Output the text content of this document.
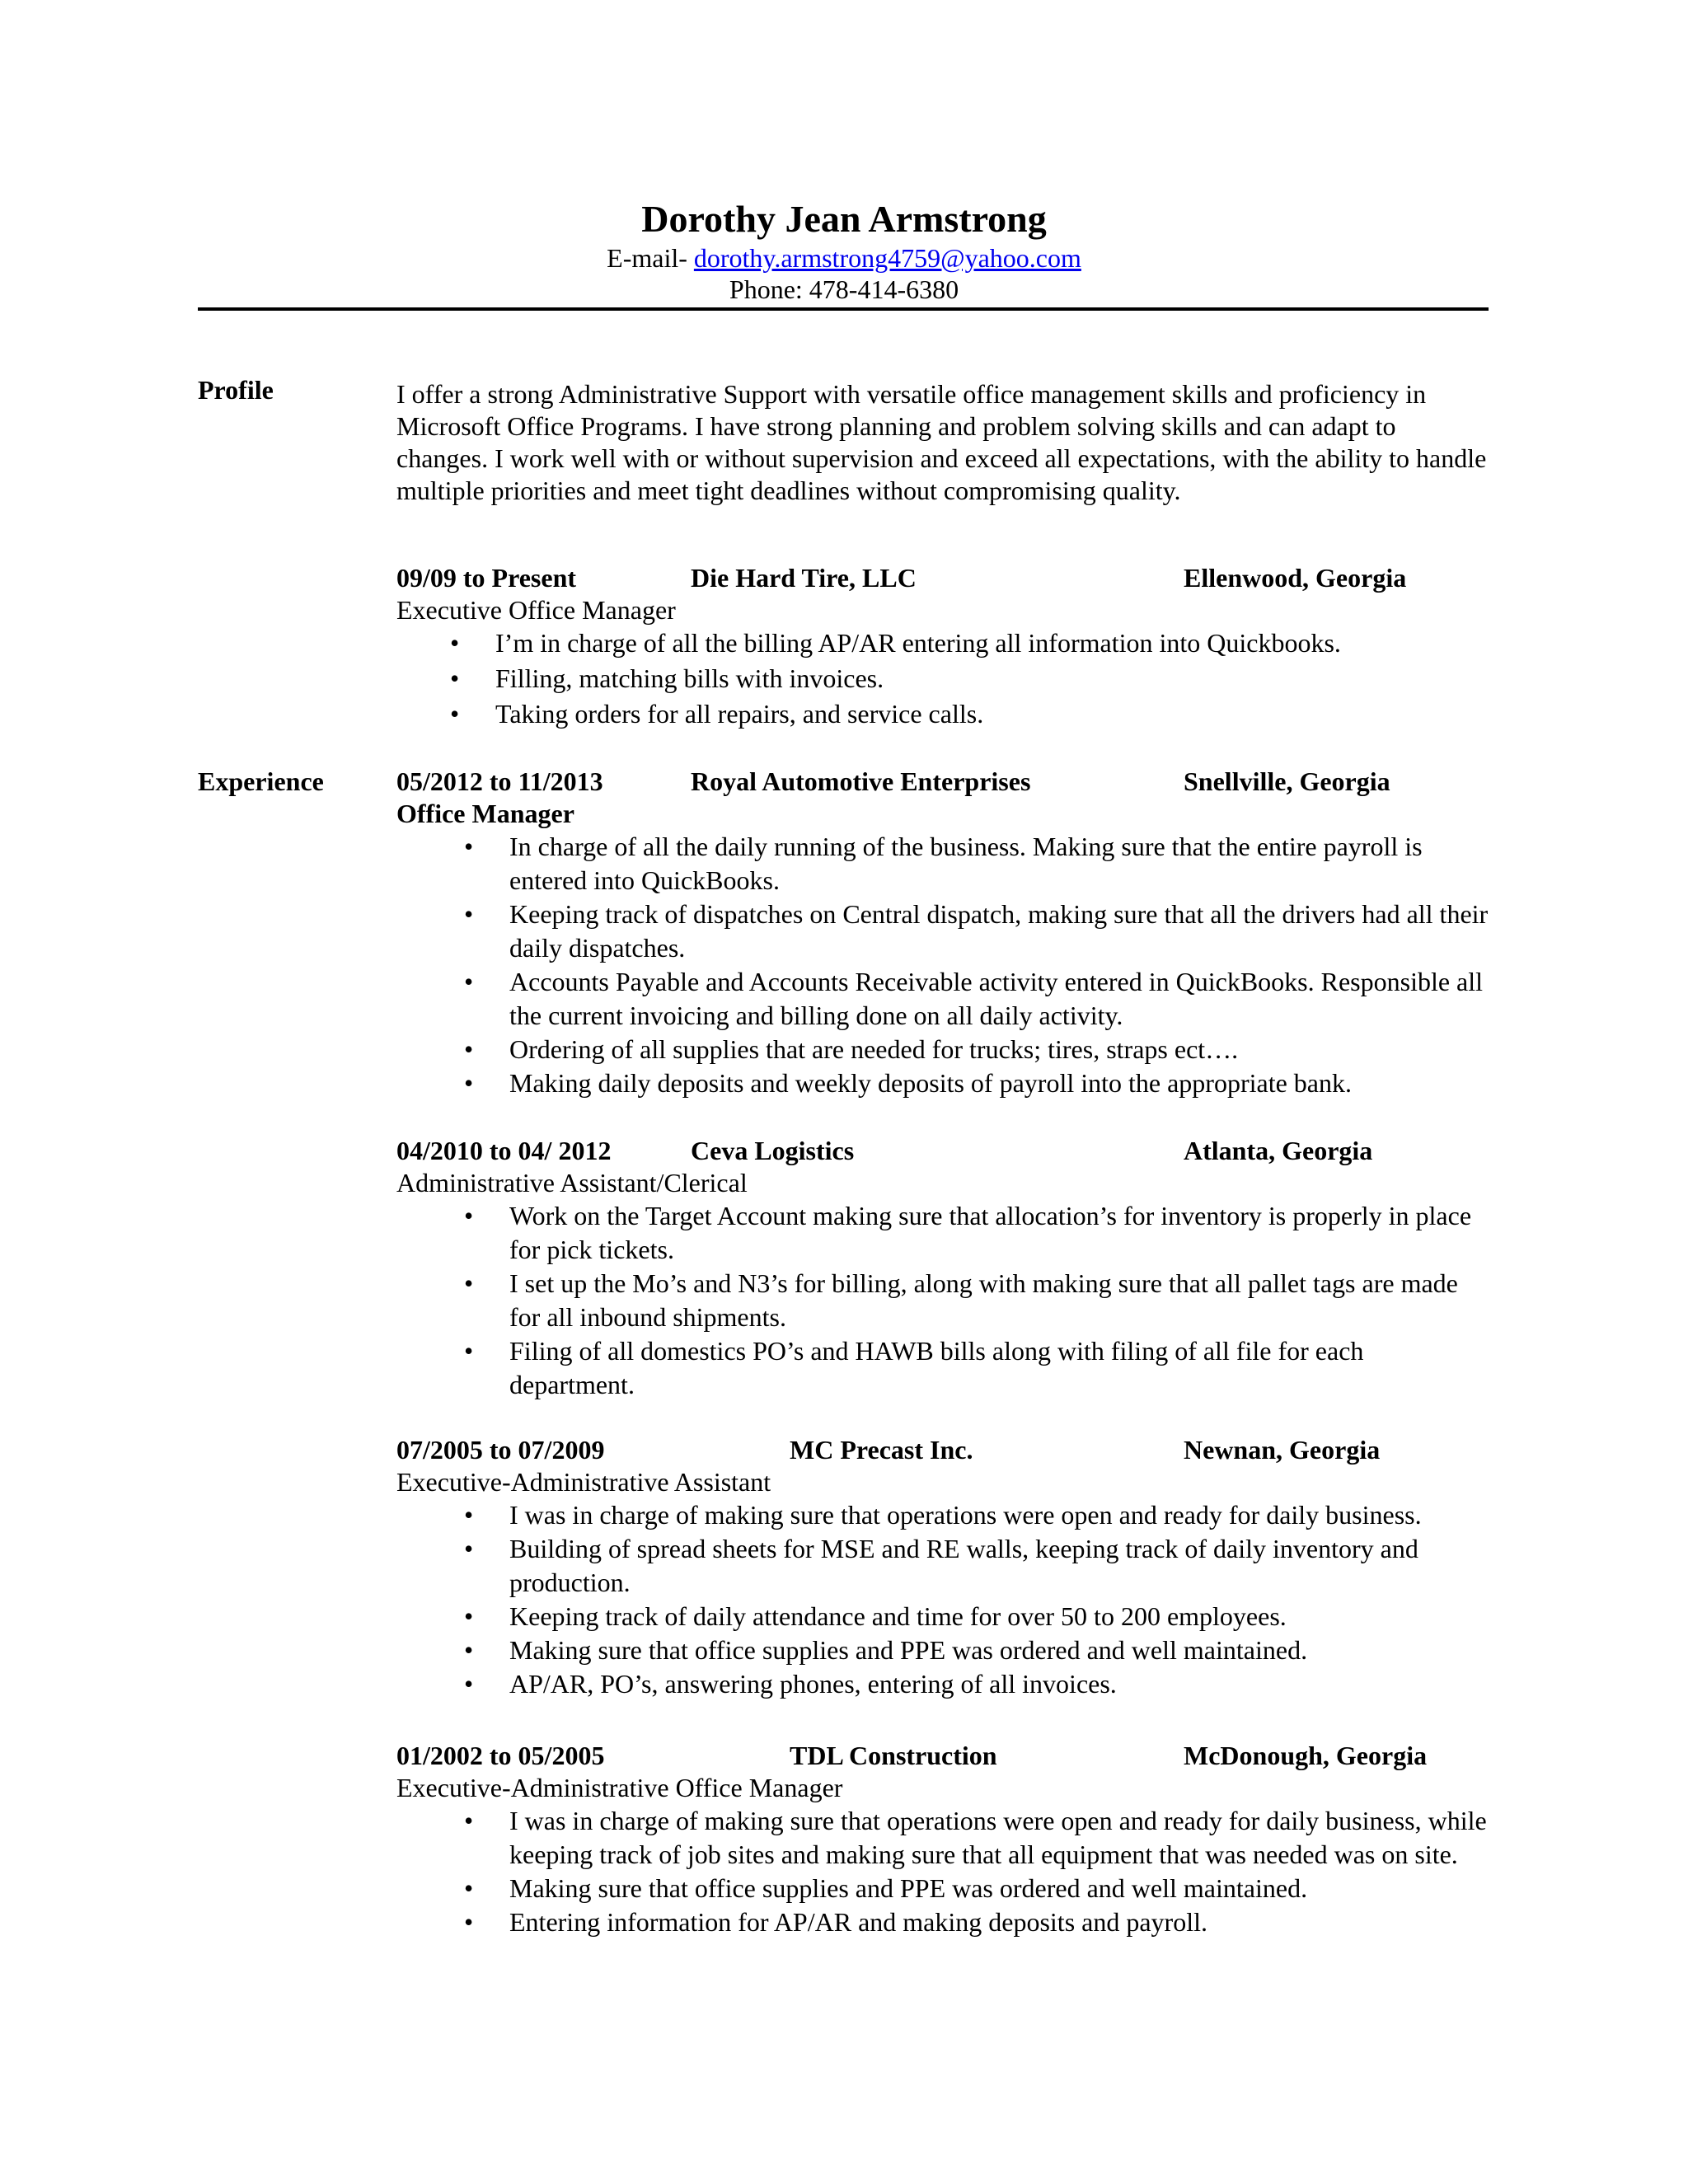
Dorothy Jean Armstrong
E-mail- dorothy.armstrong4759@yahoo.com
Phone: 478-414-6380
Profile	I offer a strong Administrative Support with versatile office management skills and proficiency in Microsoft Office Programs. I have strong planning and problem solving skills and can adapt to changes. I work well with or without supervision and exceed all expectations, with the ability to handle multiple priorities and meet tight deadlines without compromising quality.
Experience
09/09 to Present	Die Hard Tire, LLC	Ellenwood, Georgia
Executive Office Manager
• I’m in charge of all the billing AP/AR entering all information into Quickbooks.
• Filling, matching bills with invoices.
• Taking orders for all repairs, and service calls.
05/2012 to 11/2013	Royal Automotive Enterprises	Snellville, Georgia
Office Manager
• In charge of all the daily running of the business. Making sure that the entire payroll is entered into QuickBooks.
• Keeping track of dispatches on Central dispatch, making sure that all the drivers had all their daily dispatches.
• Accounts Payable and Accounts Receivable activity entered in QuickBooks. Responsible all the current invoicing and billing done on all daily activity.
• Ordering of all supplies that are needed for trucks; tires, straps ect….
• Making daily deposits and weekly deposits of payroll into the appropriate bank.
04/2010 to 04/ 2012	Ceva Logistics	Atlanta, Georgia
Administrative Assistant/Clerical
• Work on the Target Account making sure that allocation’s for inventory is properly in place for pick tickets.
• I set up the Mo’s and N3’s for billing, along with making sure that all pallet tags are made for all inbound shipments.
• Filing of all domestics PO’s and HAWB bills along with filing of all file for each department.
07/2005 to 07/2009	MC Precast Inc.	Newnan, Georgia
Executive-Administrative Assistant
• I was in charge of making sure that operations were open and ready for daily business.
• Building of spread sheets for MSE and RE walls, keeping track of daily inventory and production.
• Keeping track of daily attendance and time for over 50 to 200 employees.
• Making sure that office supplies and PPE was ordered and well maintained.
• AP/AR, PO’s, answering phones, entering of all invoices.
01/2002 to 05/2005	TDL Construction	McDonough, Georgia
Executive-Administrative Office Manager
• I was in charge of making sure that operations were open and ready for daily business, while keeping track of job sites and making sure that all equipment that was needed was on site.
• Making sure that office supplies and PPE was ordered and well maintained.
• Entering information for AP/AR and making deposits and payroll.
